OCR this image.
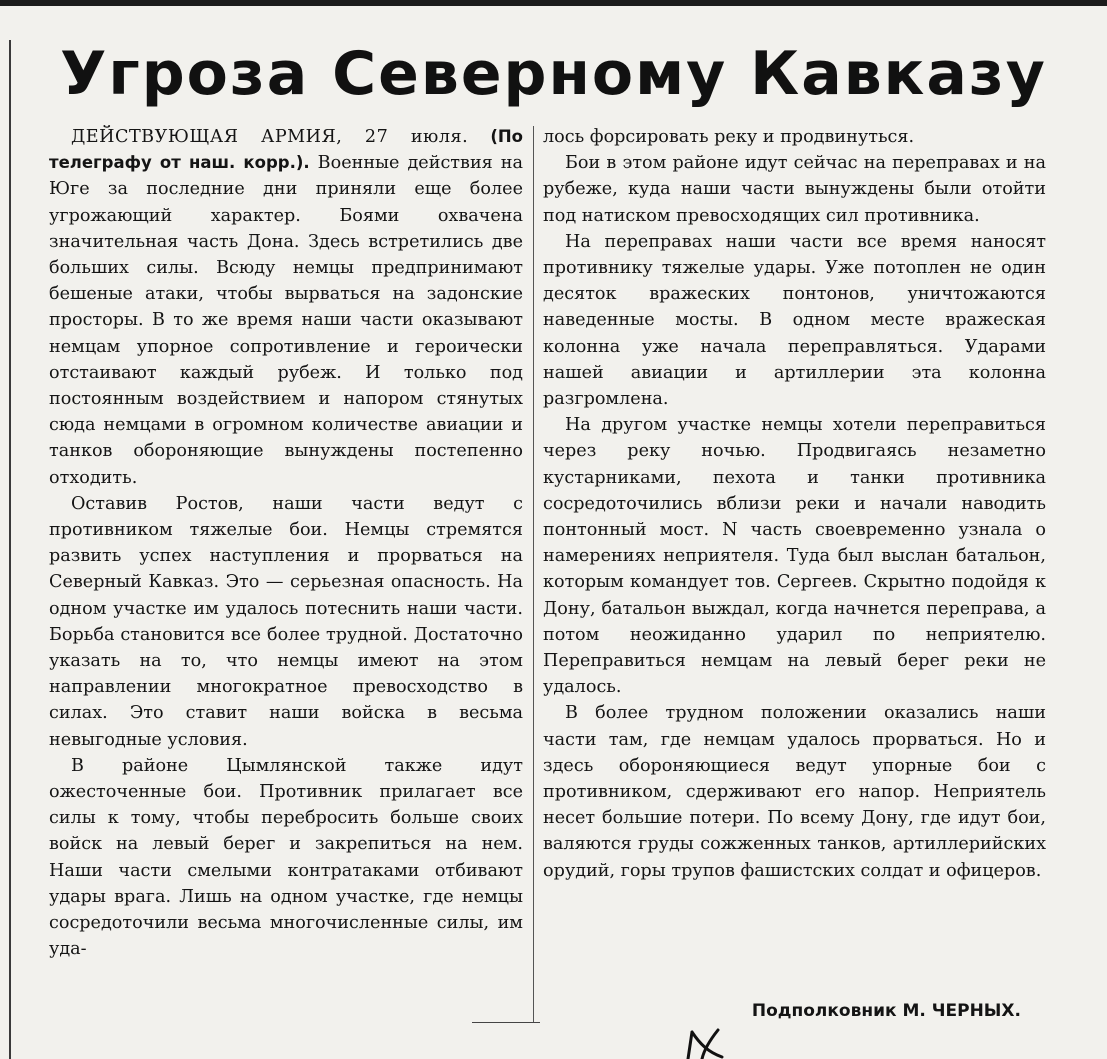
Угроза Северному Кавказу

ДЕЙСТВУЮЩАЯ АРМИЯ, 27 июля. (По телеграфу от наш. корр.). Военные действия на Юге за последние дни приняли еще более угрожающий характер. Боями охвачена значительная часть Дона. Здесь встретились две больших силы. Всюду немцы предпринимают бешеные атаки, чтобы вырваться на задонские просторы. В то же время наши части оказывают немцам упорное сопротивление и героически отстаивают каждый рубеж. И только под постоянным воздействием и напором стянутых сюда немцами в огромном количестве авиации и танков обороняющие вынуждены постепенно отходить.

Оставив Ростов, наши части ведут с противником тяжелые бои. Немцы стремятся развить успех наступления и прорваться на Северный Кавказ. Это — серьезная опасность. На одном участке им удалось потеснить наши части. Борьба становится все более трудной. Достаточно указать на то, что немцы имеют на этом направлении многократное превосходство в силах. Это ставит наши войска в весьма невыгодные условия.

В районе Цымлянской также идут ожесточенные бои. Противник прилагает все силы к тому, чтобы перебросить больше своих войск на левый берег и закрепиться на нем. Наши части смелыми контратаками отбивают удары врага. Лишь на одном участке, где немцы сосредоточили весьма многочисленные силы, им уда-

лось форсировать реку и продвинуться.

Бои в этом районе идут сейчас на переправах и на рубеже, куда наши части вынуждены были отойти под натиском превосходящих сил противника.

На переправах наши части все время наносят противнику тяжелые удары. Уже потоплен не один десяток вражеских понтонов, уничтожаются наведенные мосты. В одном месте вражеская колонна уже начала переправляться. Ударами нашей авиации и артиллерии эта колонна разгромлена.

На другом участке немцы хотели переправиться через реку ночью. Продвигаясь незаметно кустарниками, пехота и танки противника сосредоточились вблизи реки и начали наводить понтонный мост. N часть своевременно узнала о намерениях неприятеля. Туда был выслан батальон, которым командует тов. Сергеев. Скрытно подойдя к Дону, батальон выждал, когда начнется переправа, а потом неожиданно ударил по неприятелю. Переправиться немцам на левый берег реки не удалось.

В более трудном положении оказались наши части там, где немцам удалось прорваться. Но и здесь обороняющиеся ведут упорные бои с противником, сдерживают его напор. Неприятель несет большие потери. По всему Дону, где идут бои, валяются груды сожженных танков, артиллерийских орудий, горы трупов фашистских солдат и офицеров.

Подполковник М. ЧЕРНЫХ.
